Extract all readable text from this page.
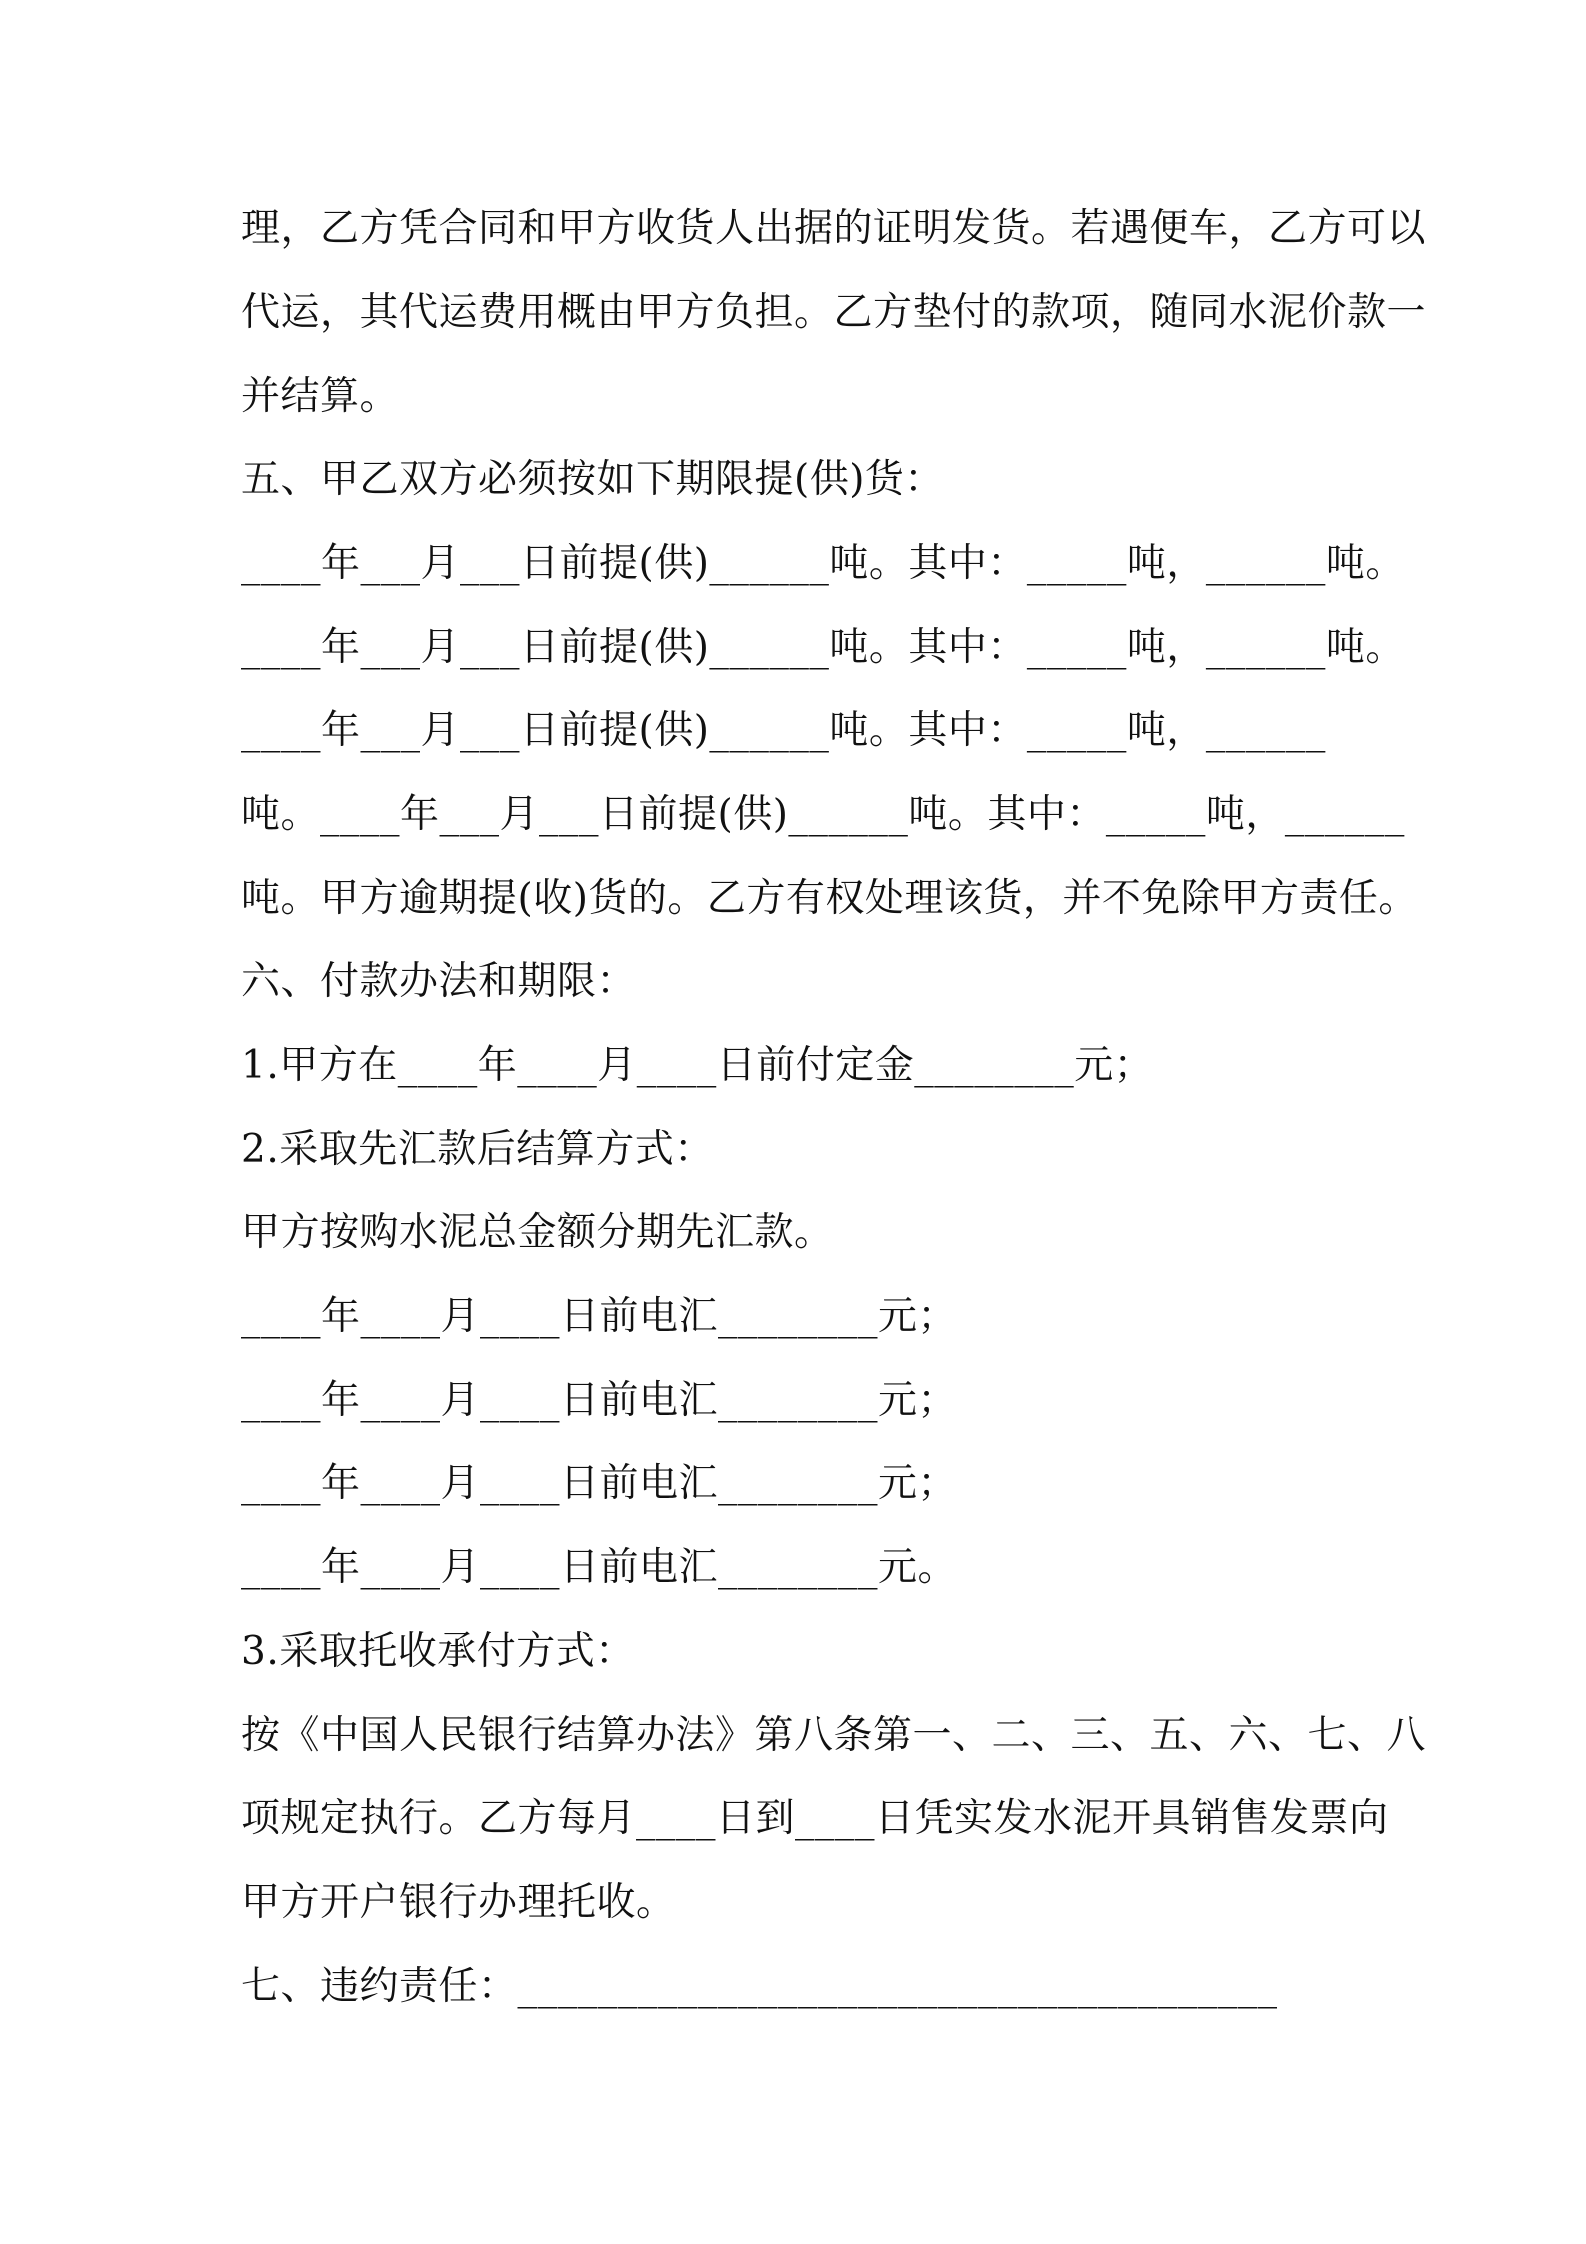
理，乙方凭合同和甲方收货人出据的证明发货。若遇便车，乙方可以
代运，其代运费用概由甲方负担。乙方垫付的款项，随同水泥价款一
并结算。
五、甲乙双方必须按如下期限提(供)货：
____年___月___日前提(供)______吨。其中：_____吨，______吨。
____年___月___日前提(供)______吨。其中：_____吨，______吨。
____年___月___日前提(供)______吨。其中：_____吨，______
吨。____年___月___日前提(供)______吨。其中：_____吨，______
吨。甲方逾期提(收)货的。乙方有权处理该货，并不免除甲方责任。
六、付款办法和期限：
1.甲方在____年____月____日前付定金________元；
2.采取先汇款后结算方式：
甲方按购水泥总金额分期先汇款。
____年____月____日前电汇________元；
____年____月____日前电汇________元；
____年____月____日前电汇________元；
____年____月____日前电汇________元。
3.采取托收承付方式：
按《中国人民银行结算办法》第八条第一、二、三、五、六、七、八
项规定执行。乙方每月____日到____日凭实发水泥开具销售发票向
甲方开户银行办理托收。
七、违约责任：______________________________________
